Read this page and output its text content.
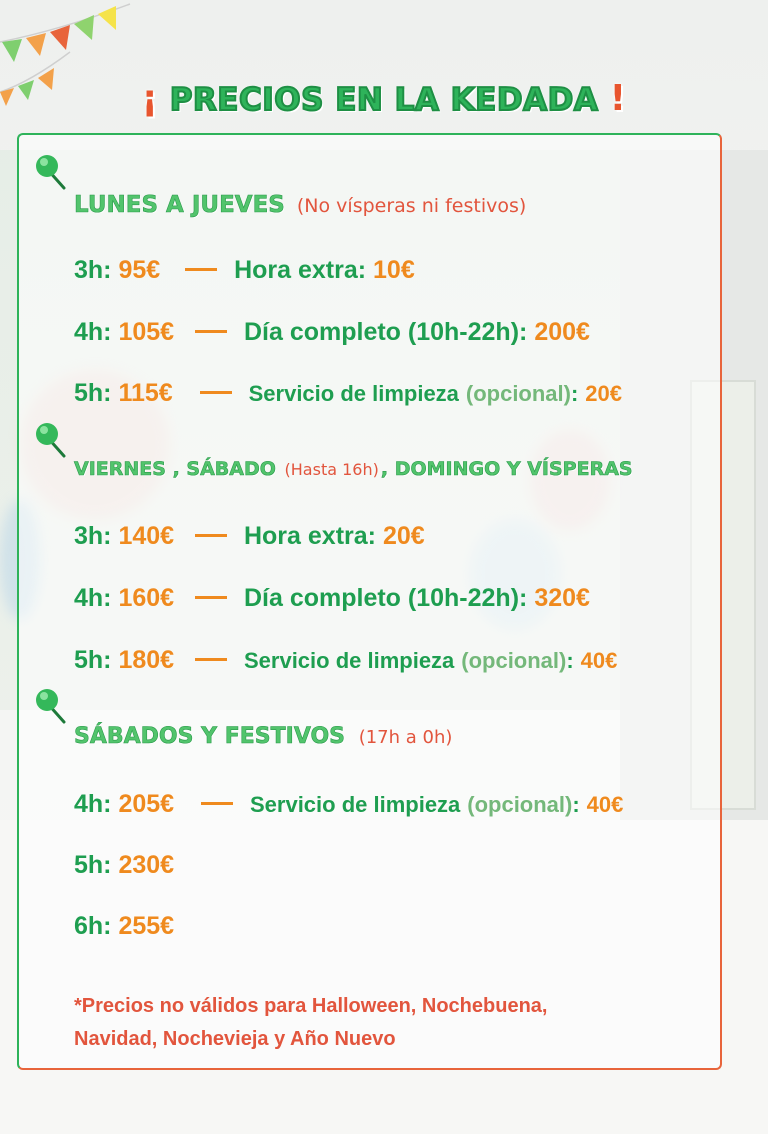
¡ PRECIOS EN LA KEDADA !
LUNES A JUEVES (No vísperas ni festivos)
3h: 95€	Hora extra: 10€
4h: 105€	Día completo (10h-22h): 200€
5h: 115€	Servicio de limpieza (opcional): 20€
VIERNES , SÁBADO (Hasta 16h) , DOMINGO Y VÍSPERAS
3h: 140€	Hora extra: 20€
4h: 160€	Día completo (10h-22h): 320€
5h: 180€	Servicio de limpieza (opcional): 40€
SÁBADOS Y FESTIVOS (17h a 0h)
4h: 205€	Servicio de limpieza (opcional): 40€
5h: 230€
6h: 255€
*Precios no válidos para Halloween, Nochebuena,
Navidad, Nochevieja y Año Nuevo
